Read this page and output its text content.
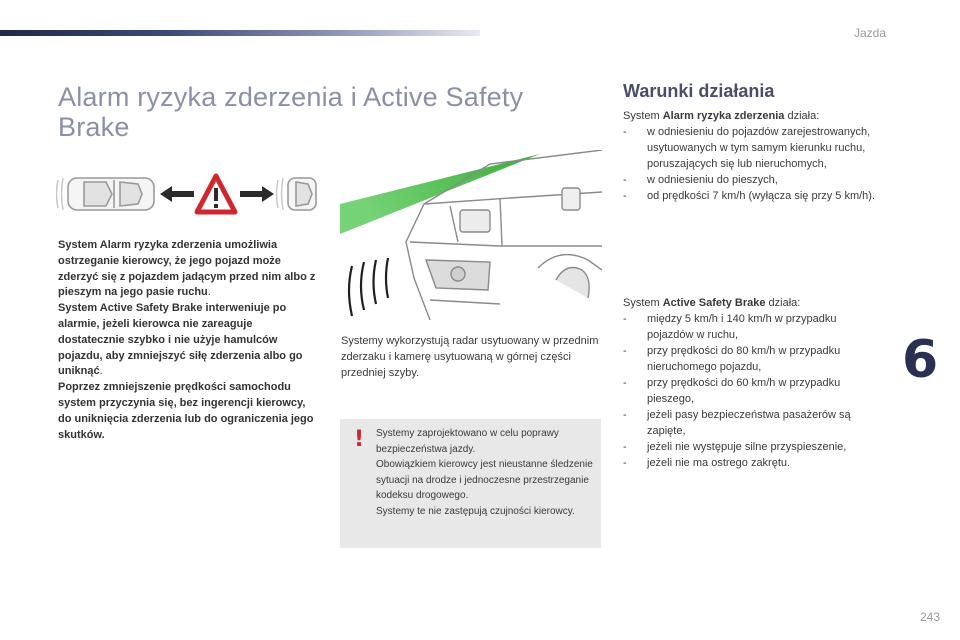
Jazda
Alarm ryzyka zderzenia i Active Safety Brake

System Alarm ryzyka zderzenia umożliwia ostrzeganie kierowcy, że jego pojazd może zderzyć się z pojazdem jadącym przed nim albo z pieszym na jego pasie ruchu.

System Active Safety Brake interweniuje po alarmie, jeżeli kierowca nie zareaguje dostatecznie szybko i nie użyje hamulców pojazdu, aby zmniejszyć siłę zderzenia albo go uniknąć.

Poprzez zmniejszenie prędkości samochodu system przyczynia się, bez ingerencji kierowcy, do uniknięcia zderzenia lub do ograniczenia jego skutków.

Systemy wykorzystują radar usytuowany w przednim zderzaku i kamerę usytuowaną w górnej części przedniej szyby.

! Systemy zaprojektowano w celu poprawy bezpieczeństwa jazdy.

Obowiązkiem kierowcy jest nieustanne śledzenie sytuacji na drodze i jednoczesne przestrzeganie kodeksu drogowego.

Systemy te nie zastępują czujności kierowcy.

Warunki działania

System Alarm ryzyka zderzenia działa:

- w odniesieniu do pojazdów zarejestrowanych, usytuowanych w tym samym kierunku ruchu, poruszających się lub nieruchomych,
- w odniesieniu do pieszych,
- od prędkości 7 km/h (wyłącza się przy 5 km/h).

System Active Safety Brake działa:

- między 5 km/h i 140 km/h w przypadku pojazdów w ruchu,
- przy prędkości do 80 km/h w przypadku nieruchomego pojazdu,
- przy prędkości do 60 km/h w przypadku pieszego,
- jeżeli pasy bezpieczeństwa pasażerów są zapięte,
- jeżeli nie występuje silne przyspieszenie,
- jeżeli nie ma ostrego zakrętu.
6
243
